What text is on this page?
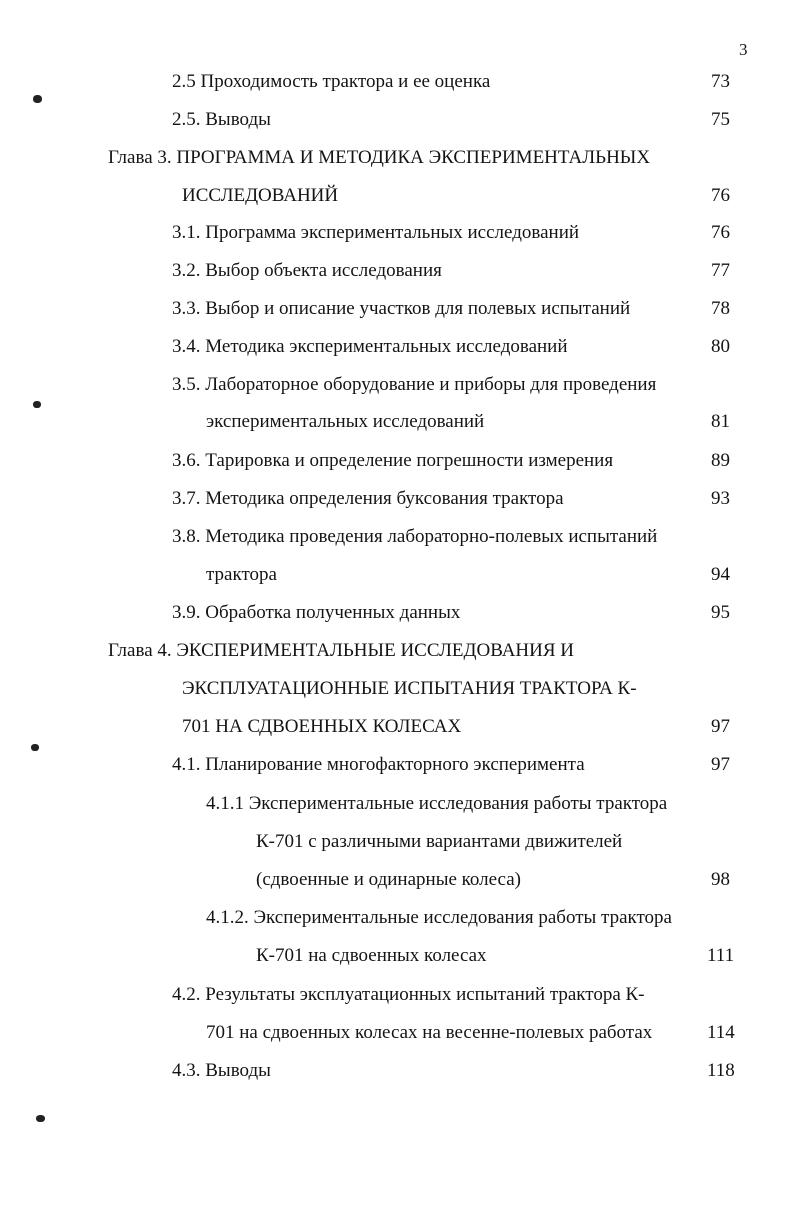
3
2.5 Проходимость трактора и ее оценка	73
2.5. Выводы	75
Глава 3. ПРОГРАММА И МЕТОДИКА ЭКСПЕРИМЕНТАЛЬНЫХ
ИССЛЕДОВАНИЙ	76
3.1. Программа экспериментальных исследований	76
3.2. Выбор объекта исследования	77
3.3. Выбор и описание участков для полевых испытаний	78
3.4. Методика экспериментальных исследований	80
3.5. Лабораторное оборудование и приборы для проведения
экспериментальных исследований	81
3.6. Тарировка и определение погрешности измерения	89
3.7. Методика определения буксования трактора	93
3.8. Методика проведения лабораторно-полевых испытаний
трактора	94
3.9. Обработка полученных данных	95
Глава 4. ЭКСПЕРИМЕНТАЛЬНЫЕ ИССЛЕДОВАНИЯ И
ЭКСПЛУАТАЦИОННЫЕ ИСПЫТАНИЯ ТРАКТОРА К-
701 НА СДВОЕННЫХ КОЛЕСАХ	97
4.1. Планирование многофакторного эксперимента	97
4.1.1 Экспериментальные исследования работы трактора
К-701 с различными вариантами движителей
(сдвоенные и одинарные колеса)	98
4.1.2. Экспериментальные исследования работы трактора
К-701 на сдвоенных колесах	111
4.2. Результаты эксплуатационных испытаний трактора К-
701 на сдвоенных колесах на весенне-полевых работах	114
4.3. Выводы	118
